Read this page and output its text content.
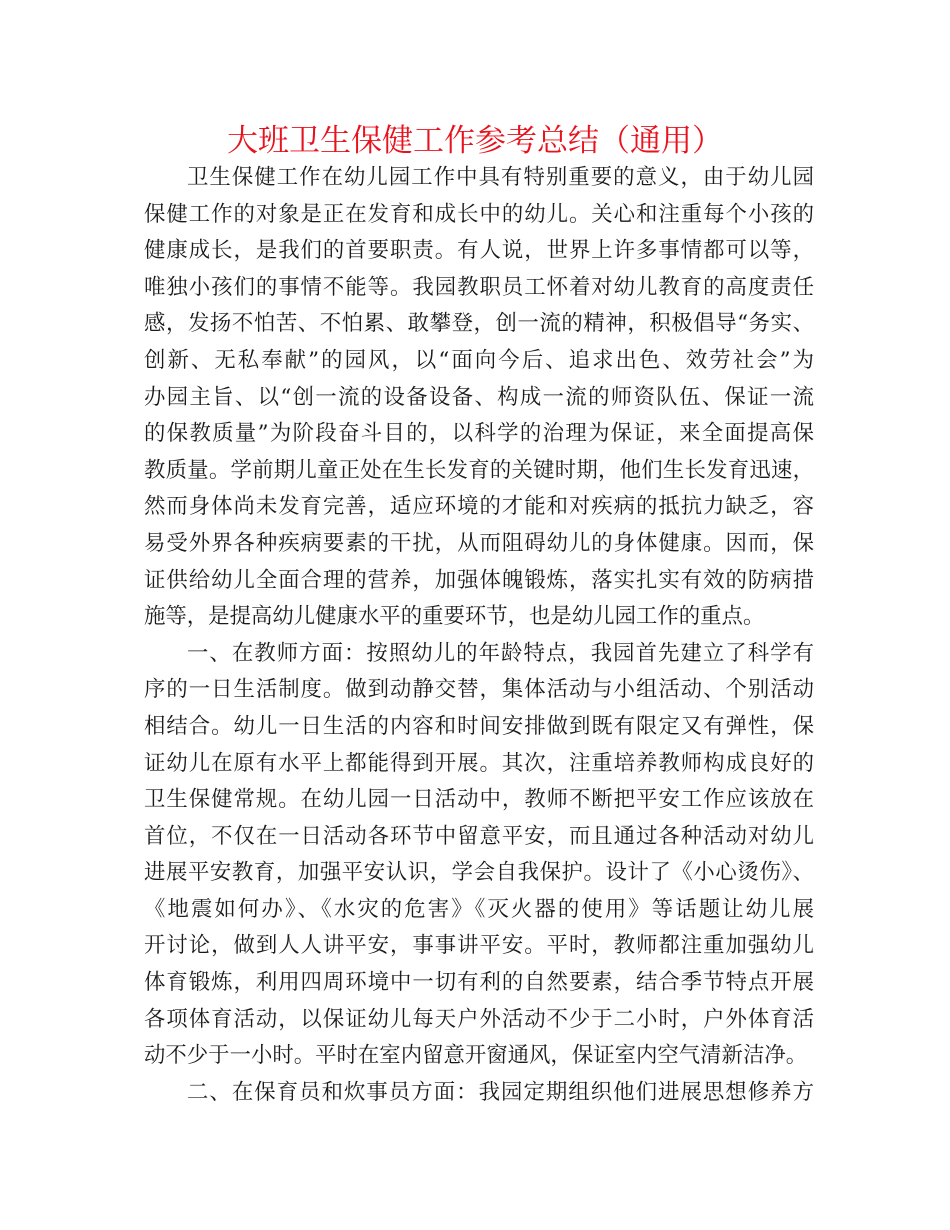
大班卫生保健工作参考总结（通用）
卫生保健工作在幼儿园工作中具有特别重要的意义，由于幼儿园
保健工作的对象是正在发育和成长中的幼儿。关心和注重每个小孩的
健康成长，是我们的首要职责。有人说，世界上许多事情都可以等，
唯独小孩们的事情不能等。我园教职员工怀着对幼儿教育的高度责任
感，发扬不怕苦、不怕累、敢攀登，创一流的精神，积极倡导“务实、
创新、无私奉献”的园风，以“面向今后、追求出色、效劳社会”为
办园主旨、以“创一流的设备设备、构成一流的师资队伍、保证一流
的保教质量”为阶段奋斗目的，以科学的治理为保证，来全面提高保
教质量。学前期儿童正处在生长发育的关键时期，他们生长发育迅速，
然而身体尚未发育完善，适应环境的才能和对疾病的抵抗力缺乏，容
易受外界各种疾病要素的干扰，从而阻碍幼儿的身体健康。因而，保
证供给幼儿全面合理的营养，加强体魄锻炼，落实扎实有效的防病措
施等，是提高幼儿健康水平的重要环节，也是幼儿园工作的重点。
一、在教师方面：按照幼儿的年龄特点，我园首先建立了科学有
序的一日生活制度。做到动静交替，集体活动与小组活动、个别活动
相结合。幼儿一日生活的内容和时间安排做到既有限定又有弹性，保
证幼儿在原有水平上都能得到开展。其次，注重培养教师构成良好的
卫生保健常规。在幼儿园一日活动中，教师不断把平安工作应该放在
首位，不仅在一日活动各环节中留意平安，而且通过各种活动对幼儿
进展平安教育，加强平安认识，学会自我保护。设计了《小心烫伤》、
《地震如何办》、《水灾的危害》《灭火器的使用》等话题让幼儿展
开讨论，做到人人讲平安，事事讲平安。平时，教师都注重加强幼儿
体育锻炼，利用四周环境中一切有利的自然要素，结合季节特点开展
各项体育活动，以保证幼儿每天户外活动不少于二小时，户外体育活
动不少于一小时。平时在室内留意开窗通风，保证室内空气清新洁净。
二、在保育员和炊事员方面：我园定期组织他们进展思想修养方
